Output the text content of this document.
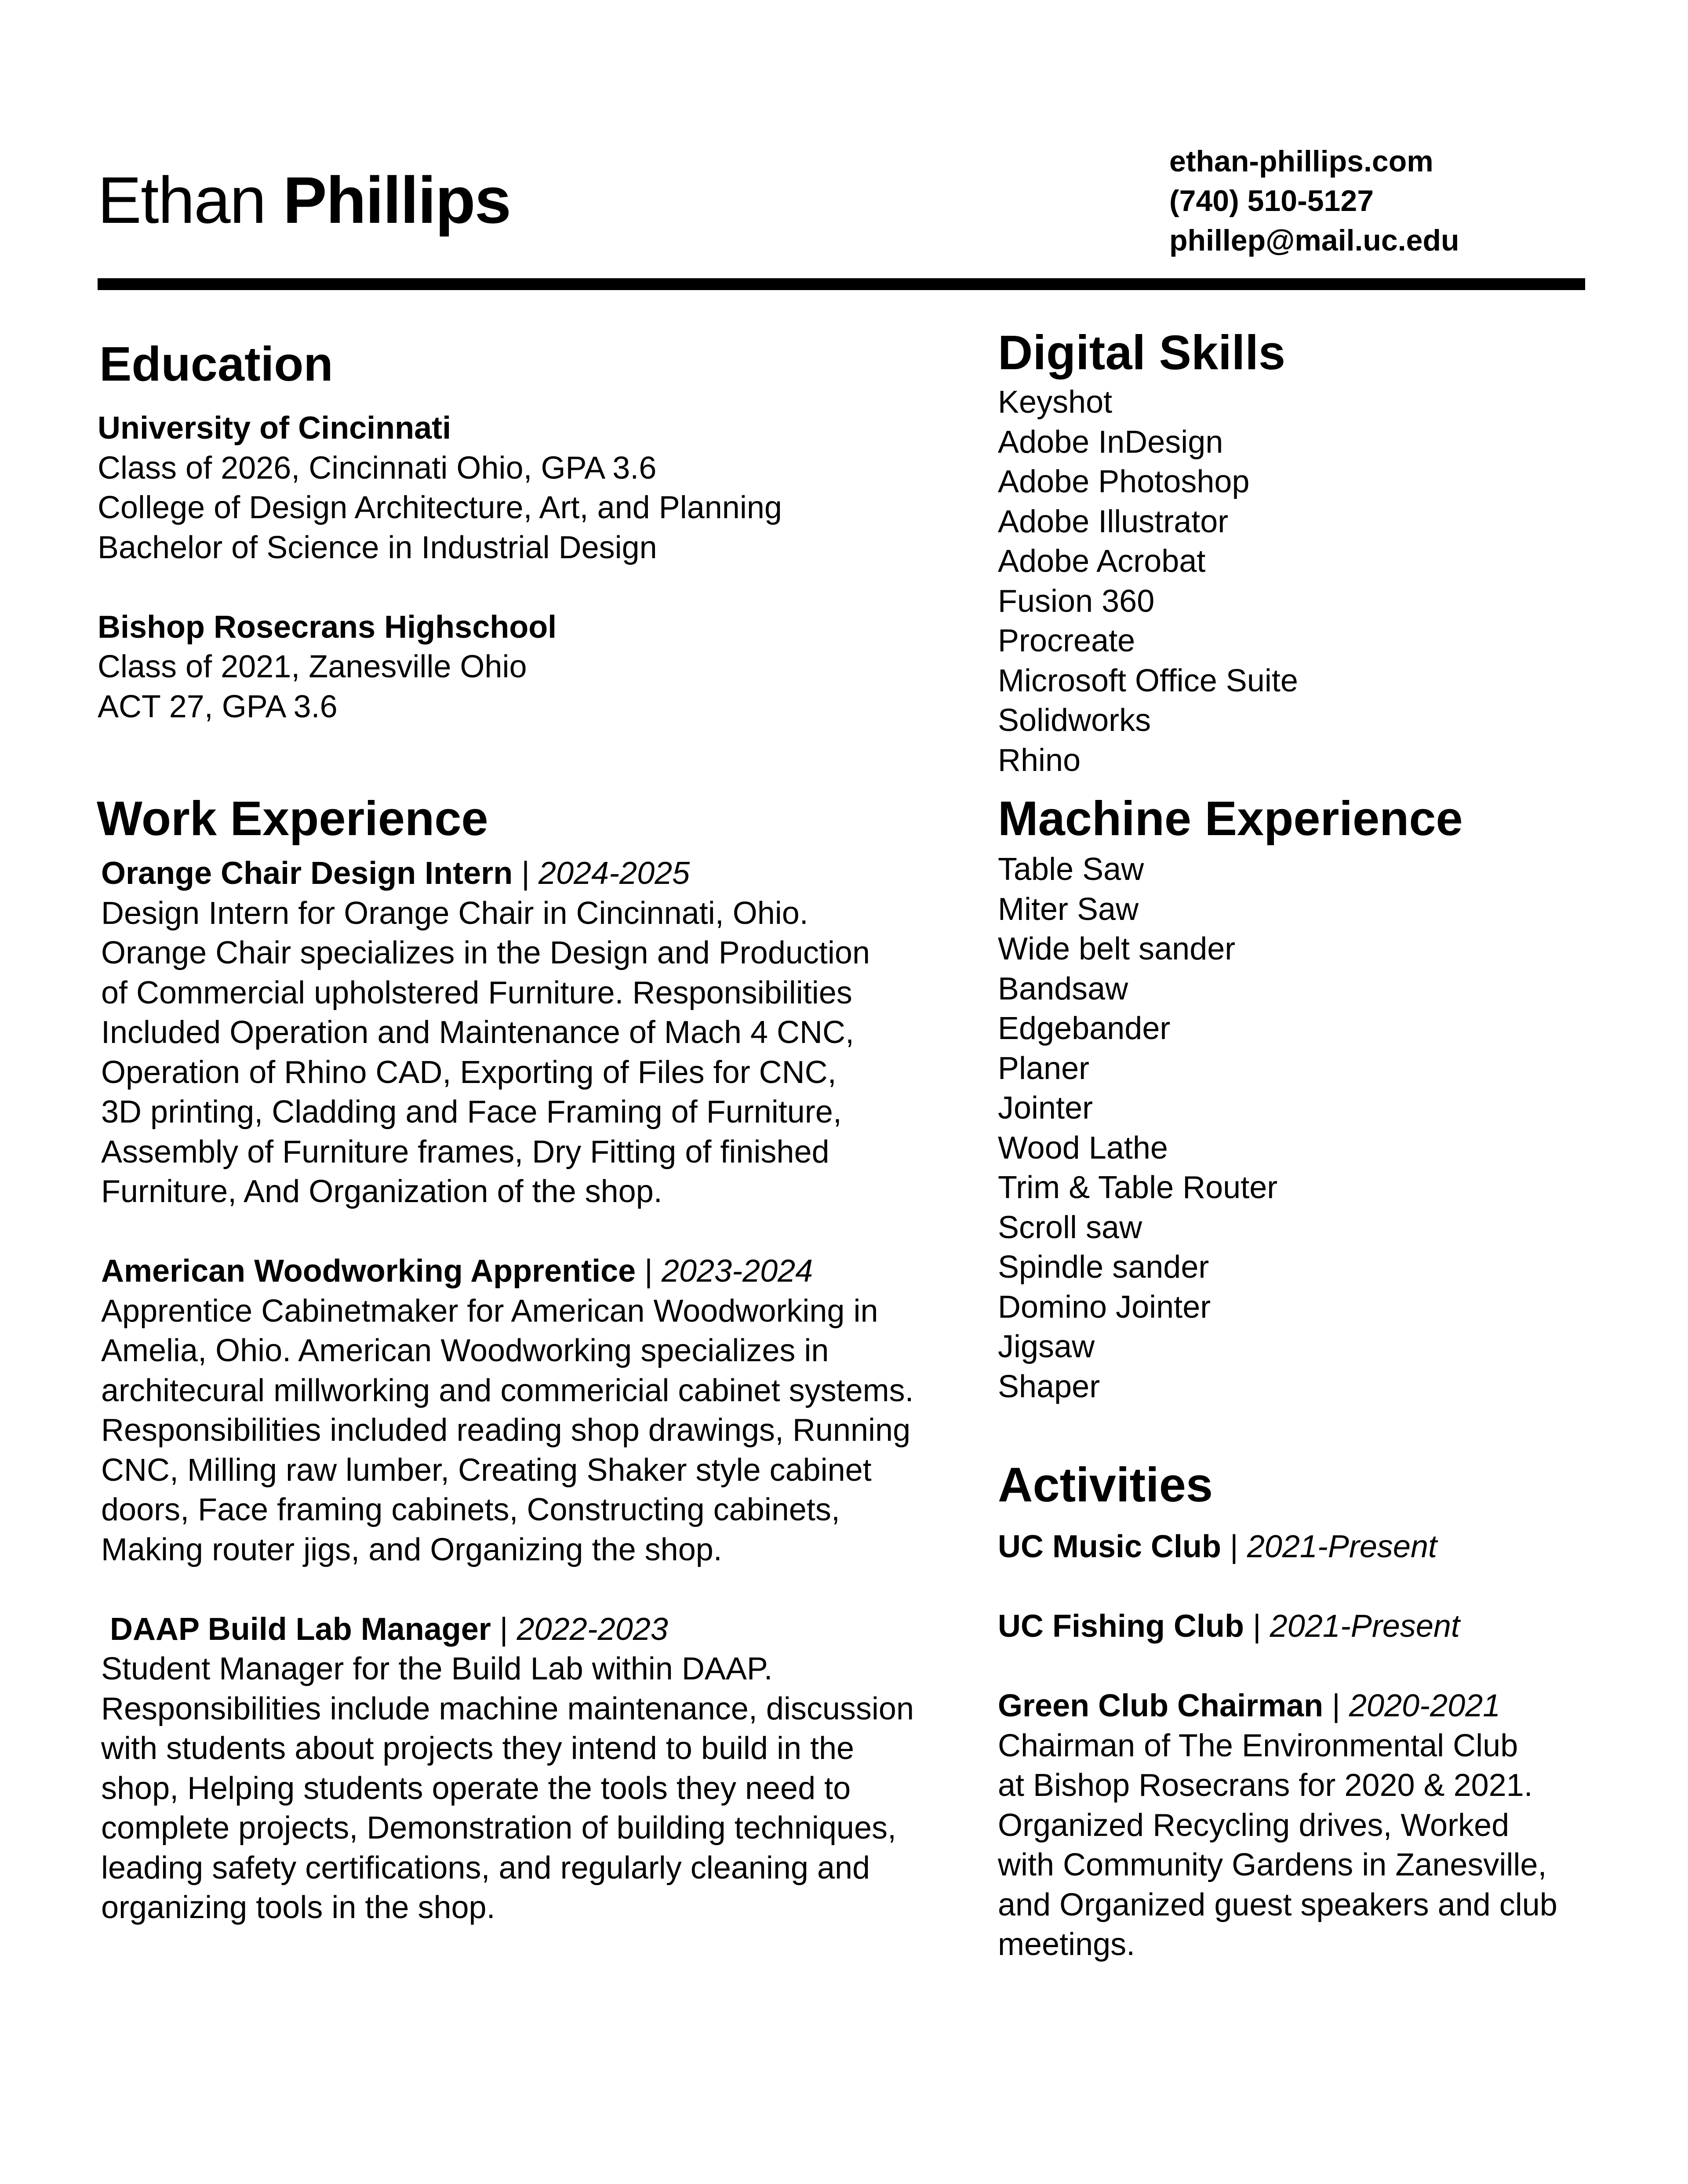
Ethan Phillips
ethan-phillips.com
(740) 510-5127
phillep@mail.uc.edu
Education

University of Cincinnati

Class of 2026, Cincinnati Ohio, GPA 3.6

College of Design Architecture, Art, and Planning

Bachelor of Science in Industrial Design

Bishop Rosecrans Highschool

Class of 2021, Zanesville Ohio

ACT 27, GPA 3.6

Work Experience

Orange Chair Design Intern | 2024-2025

Design Intern for Orange Chair in Cincinnati, Ohio.

Orange Chair specializes in the Design and Production

of Commercial upholstered Furniture. Responsibilities

Included Operation and Maintenance of Mach 4 CNC,

Operation of Rhino CAD, Exporting of Files for CNC,

3D printing, Cladding and Face Framing of Furniture,

Assembly of Furniture frames, Dry Fitting of finished

Furniture, And Organization of the shop.

American Woodworking Apprentice | 2023-2024

Apprentice Cabinetmaker for American Woodworking in

Amelia, Ohio. American Woodworking specializes in

architecural millworking and commericial cabinet systems.

Responsibilities included reading shop drawings, Running

CNC, Milling raw lumber, Creating Shaker style cabinet

doors, Face framing cabinets, Constructing cabinets,

Making router jigs, and Organizing the shop.

DAAP Build Lab Manager | 2022-2023

Student Manager for the Build Lab within DAAP.

Responsibilities include machine maintenance, discussion

with students about projects they intend to build in the

shop, Helping students operate the tools they need to

complete projects, Demonstration of building techniques,

leading safety certifications, and regularly cleaning and

organizing tools in the shop.

Digital Skills
Keyshot
Adobe InDesign
Adobe Photoshop
Adobe Illustrator
Adobe Acrobat
Fusion 360
Procreate
Microsoft Office Suite
Solidworks
Rhino
Machine Experience
Table Saw
Miter Saw
Wide belt sander
Bandsaw
Edgebander
Planer
Jointer
Wood Lathe
Trim & Table Router
Scroll saw
Spindle sander
Domino Jointer
Jigsaw
Shaper
Activities

UC Music Club | 2021-Present

UC Fishing Club | 2021-Present

Green Club Chairman | 2020-2021

Chairman of The Environmental Club

at Bishop Rosecrans for 2020 & 2021.

Organized Recycling drives, Worked

with Community Gardens in Zanesville,

and Organized guest speakers and club

meetings.
